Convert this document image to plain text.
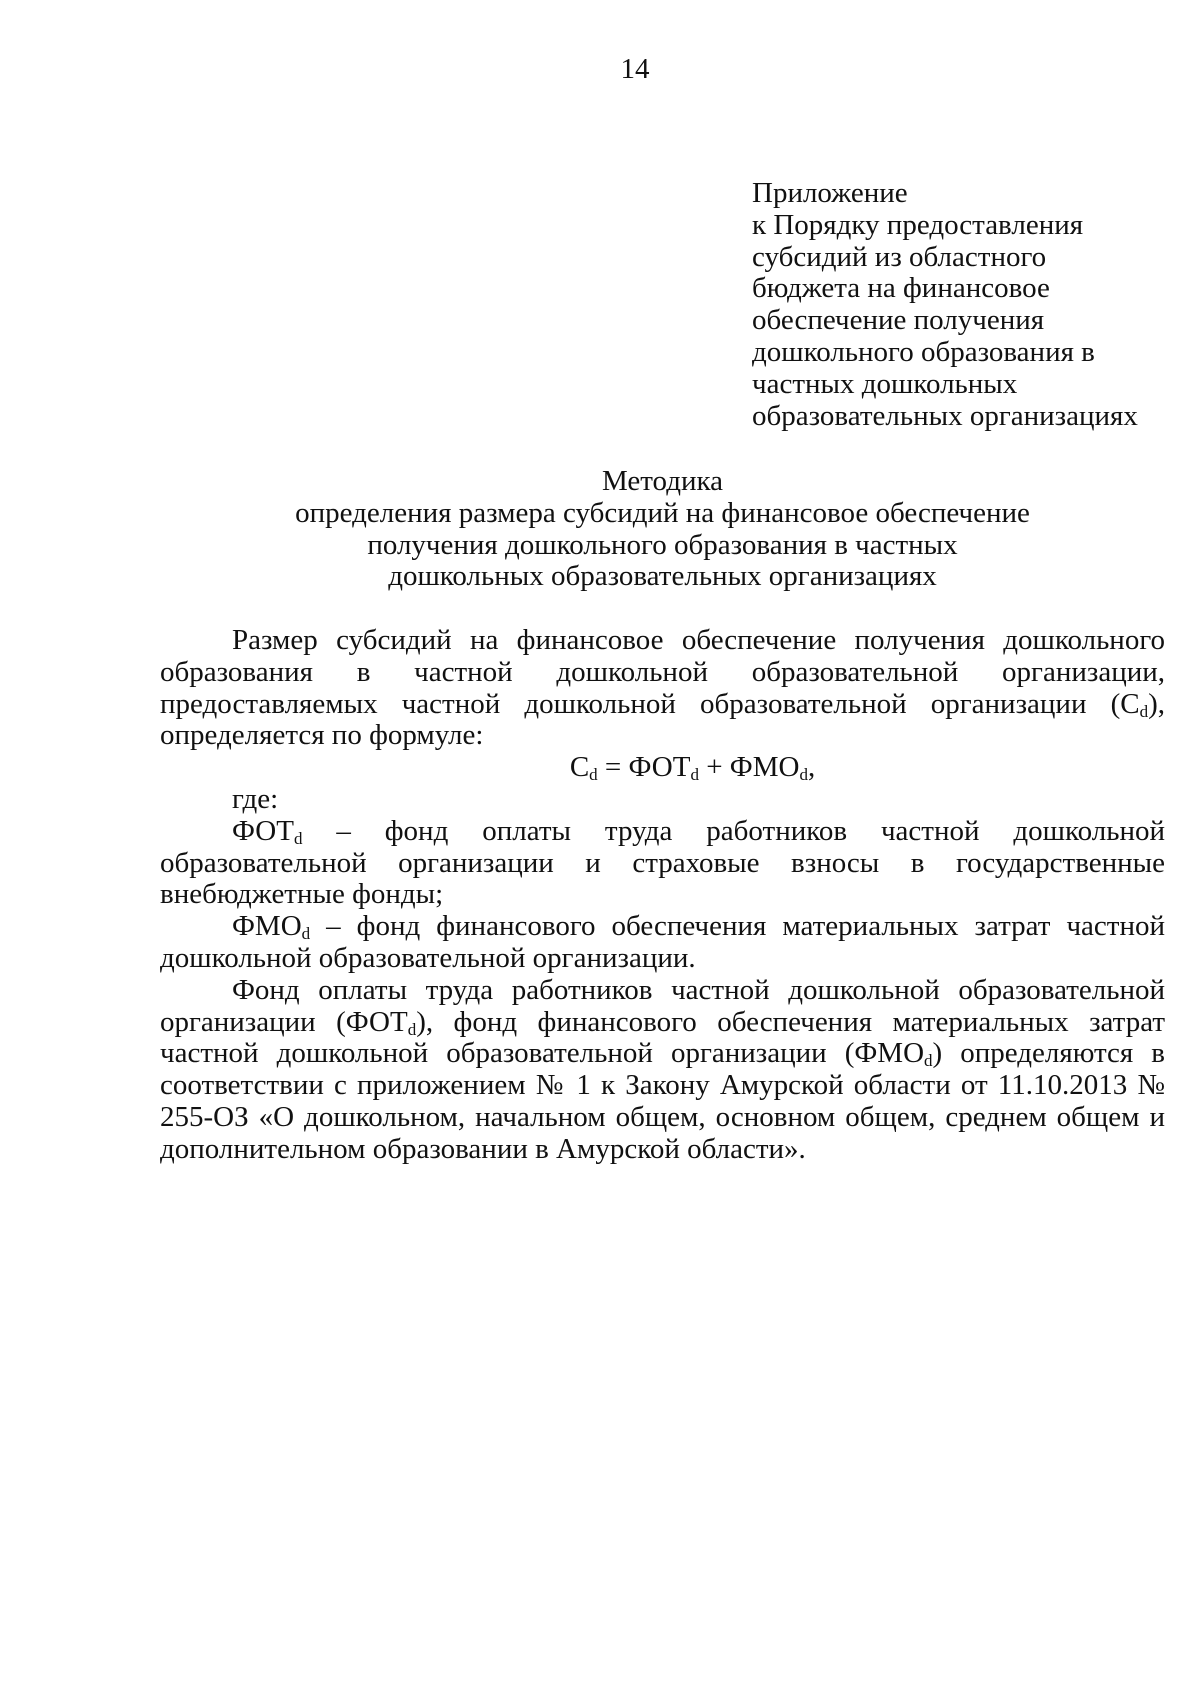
14
Приложение
к Порядку предоставления
субсидий из областного
бюджета на финансовое
обеспечение получения
дошкольного образования в
частных дошкольных
образовательных организациях
Методика
определения размера субсидий на финансовое обеспечение
получения дошкольного образования в частных
дошкольных образовательных организациях

Размер субсидий на финансовое обеспечение получения дошкольного образования в частной дошкольной образовательной организации, предоставляемых частной дошкольной образовательной организации $(C_d)$, определяется по формуле:

$C_d = ФОТ_d + ФМО_d$,

где:

$ФОТ_d$ – фонд оплаты труда работников частной дошкольной образовательной организации и страховые взносы в государственные внебюджетные фонды;

$ФМО_d$ – фонд финансового обеспечения материальных затрат частной дошкольной образовательной организации.

Фонд оплаты труда работников частной дошкольной образовательной организации $(ФОТ_d)$, фонд финансового обеспечения материальных затрат частной дошкольной образовательной организации $(ФМО_d)$ определяются в соответствии с приложением № 1 к Закону Амурской области от 11.10.2013 № 255-ОЗ «О дошкольном, начальном общем, основном общем, среднем общем и дополнительном образовании в Амурской области».
